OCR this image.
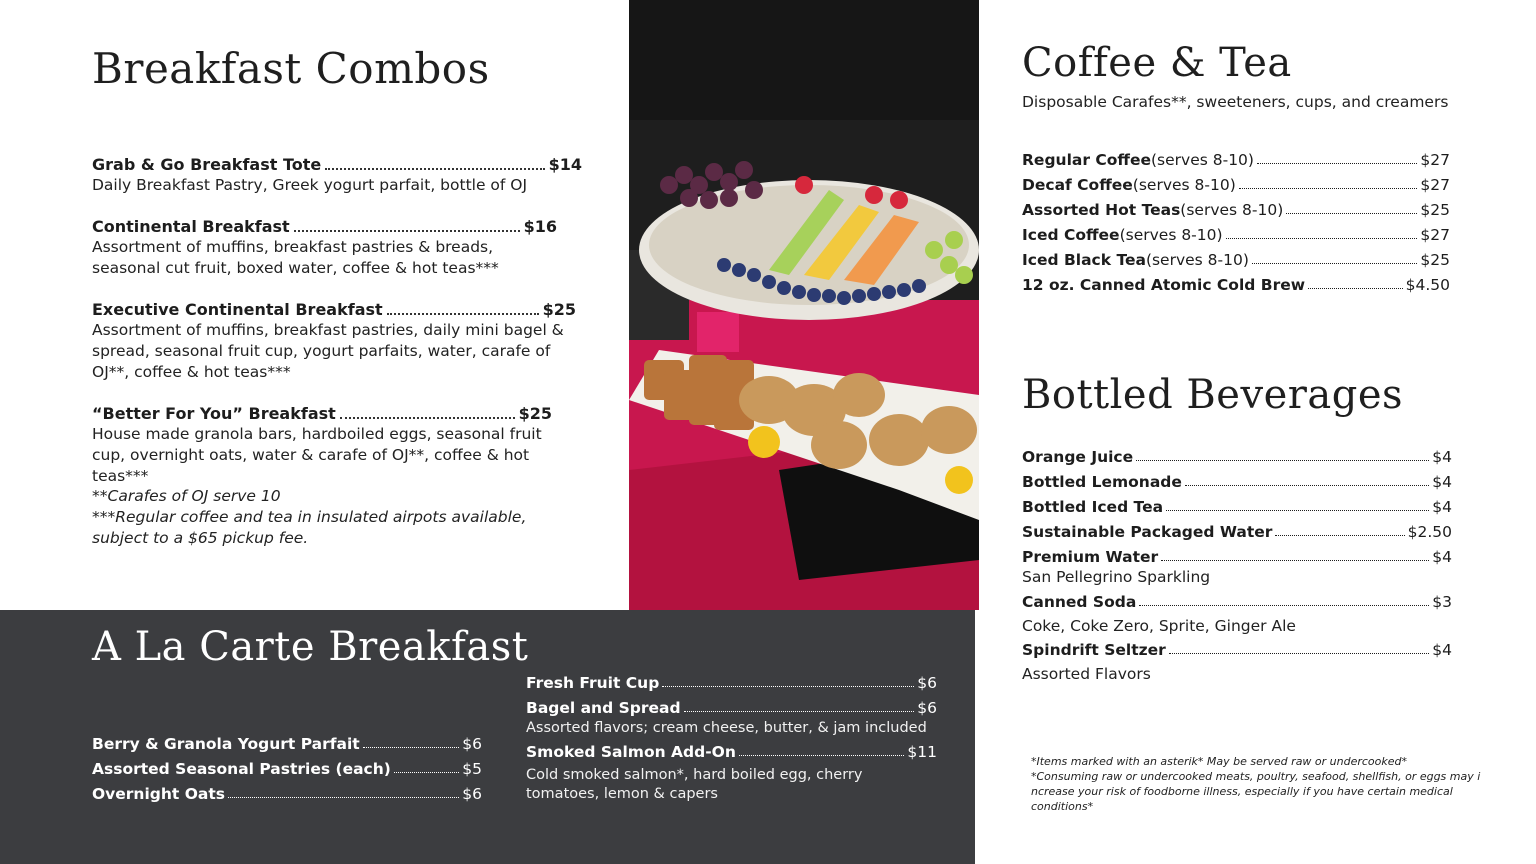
Breakfast Combos
Grab & Go Breakfast Tote	$14
Daily Breakfast Pastry, Greek yogurt parfait, bottle of OJ
Continental Breakfast	$16
Assortment of muffins, breakfast pastries & breads, seasonal cut fruit, boxed water, coffee & hot teas***
Executive Continental Breakfast	$25
Assortment of muffins, breakfast pastries, daily mini bagel & spread, seasonal fruit cup, yogurt parfaits, water, carafe of OJ**, coffee & hot teas***
“Better For You” Breakfast	$25
House made granola bars, hardboiled eggs, seasonal fruit cup, overnight oats, water & carafe of OJ**, coffee & hot teas***
**Carafes of OJ serve 10
***Regular coffee and tea in insulated airpots available,
subject to a $65 pickup fee.
A La Carte Breakfast
Berry & Granola Yogurt Parfait	$6
Assorted Seasonal Pastries (each)	$5
Overnight Oats	$6
Fresh Fruit Cup	$6
Bagel and Spread	$6
Assorted flavors; cream cheese, butter, & jam included
Smoked Salmon Add-On	$11
Cold smoked salmon*, hard boiled egg, cherry
tomatoes, lemon & capers
Coffee & Tea
Disposable Carafes**, sweeteners, cups, and creamers
Regular Coffee (serves 8-10)	$27
Decaf Coffee (serves 8-10)	$27
Assorted Hot Teas (serves 8-10)	$25
Iced Coffee (serves 8-10)	$27
Iced Black Tea (serves 8-10)	$25
12 oz. Canned Atomic Cold Brew	$4.50
Bottled Beverages
Orange Juice	$4
Bottled Lemonade	$4
Bottled Iced Tea	$4
Sustainable Packaged Water	$2.50
Premium Water	$4
San Pellegrino Sparkling
Canned Soda	$3
Coke, Coke Zero, Sprite, Ginger Ale
Spindrift Seltzer	$4
Assorted Flavors
*Items marked with an asterik* May be served raw or undercooked*
*Consuming raw or undercooked meats, poultry, seafood, shellfish, or eggs may i
ncrease your risk of foodborne illness, especially if you have certain medical conditions*
